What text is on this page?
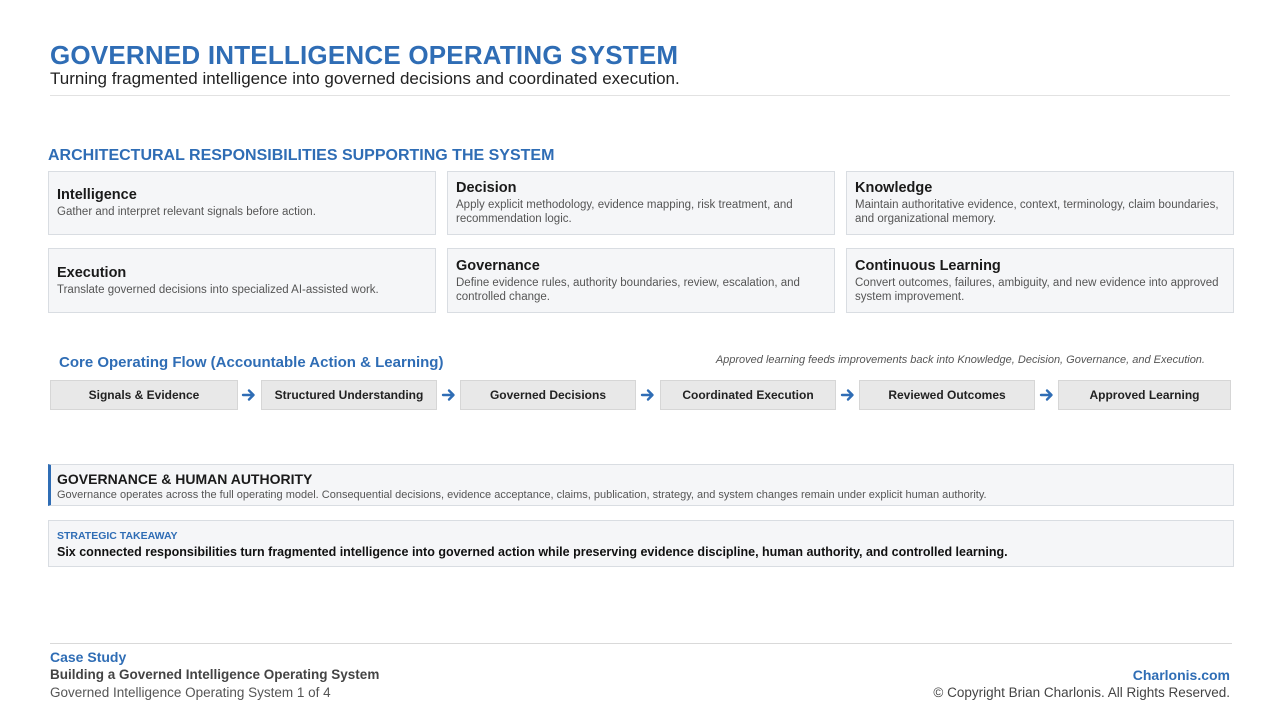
GOVERNED INTELLIGENCE OPERATING SYSTEM
Turning fragmented intelligence into governed decisions and coordinated execution.
ARCHITECTURAL RESPONSIBILITIES SUPPORTING THE SYSTEM
Intelligence
Gather and interpret relevant signals before action.
Decision
Apply explicit methodology, evidence mapping, risk treatment, and recommendation logic.
Knowledge
Maintain authoritative evidence, context, terminology, claim boundaries, and organizational memory.
Execution
Translate governed decisions into specialized AI-assisted work.
Governance
Define evidence rules, authority boundaries, review, escalation, and controlled change.
Continuous Learning
Convert outcomes, failures, ambiguity, and new evidence into approved system improvement.
Core Operating Flow (Accountable Action & Learning)	Approved learning feeds improvements back into Knowledge, Decision, Governance, and Execution.
Signals & Evidence	Structured Understanding	Governed Decisions	Coordinated Execution	Reviewed Outcomes	Approved Learning
GOVERNANCE & HUMAN AUTHORITY
Governance operates across the full operating model. Consequential decisions, evidence acceptance, claims, publication, strategy, and system changes remain under explicit human authority.
STRATEGIC TAKEAWAY
Six connected responsibilities turn fragmented intelligence into governed action while preserving evidence discipline, human authority, and controlled learning.
Case Study
Building a Governed Intelligence Operating System
Governed Intelligence Operating System 1 of 4
Charlonis.com
© Copyright Brian Charlonis. All Rights Reserved.
